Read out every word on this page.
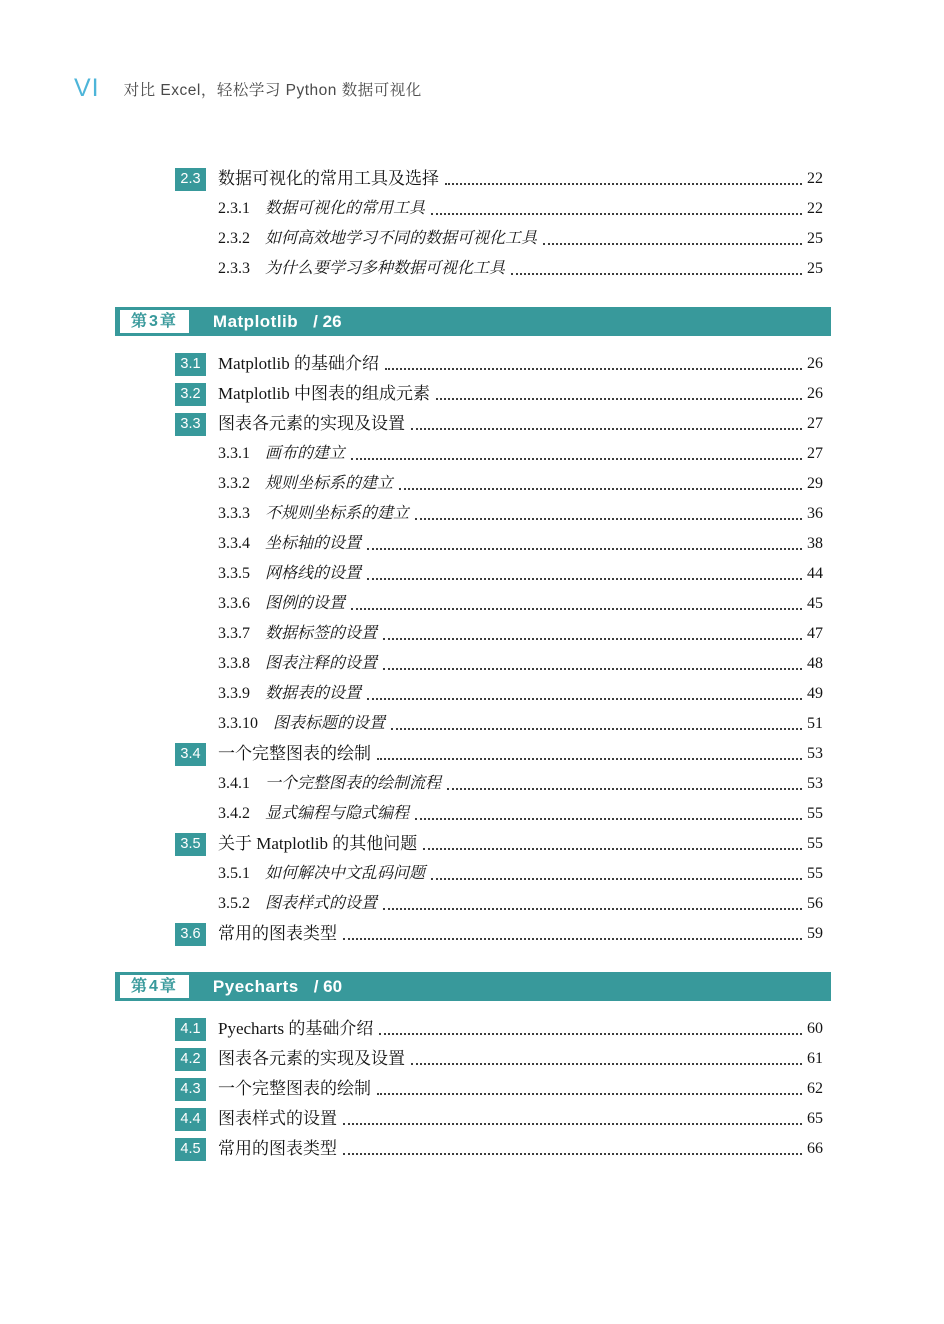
VI 对比 Excel，轻松学习 Python 数据可视化
2.3	数据可视化的常用工具及选择	22
2.3.1 数据可视化的常用工具	22
2.3.2 如何高效地学习不同的数据可视化工具	25
2.3.3 为什么要学习多种数据可视化工具	25
第3章	Matplotlib / 26
3.1	Matplotlib 的基础介绍	26
3.2	Matplotlib 中图表的组成元素	26
3.3	图表各元素的实现及设置	27
3.3.1 画布的建立	27
3.3.2 规则坐标系的建立	29
3.3.3 不规则坐标系的建立	36
3.3.4 坐标轴的设置	38
3.3.5 网格线的设置	44
3.3.6 图例的设置	45
3.3.7 数据标签的设置	47
3.3.8 图表注释的设置	48
3.3.9 数据表的设置	49
3.3.10 图表标题的设置	51
3.4	一个完整图表的绘制	53
3.4.1 一个完整图表的绘制流程	53
3.4.2 显式编程与隐式编程	55
3.5	关于 Matplotlib 的其他问题	55
3.5.1 如何解决中文乱码问题	55
3.5.2 图表样式的设置	56
3.6	常用的图表类型	59
第4章	Pyecharts / 60
4.1	Pyecharts 的基础介绍	60
4.2	图表各元素的实现及设置	61
4.3	一个完整图表的绘制	62
4.4	图表样式的设置	65
4.5	常用的图表类型	66
